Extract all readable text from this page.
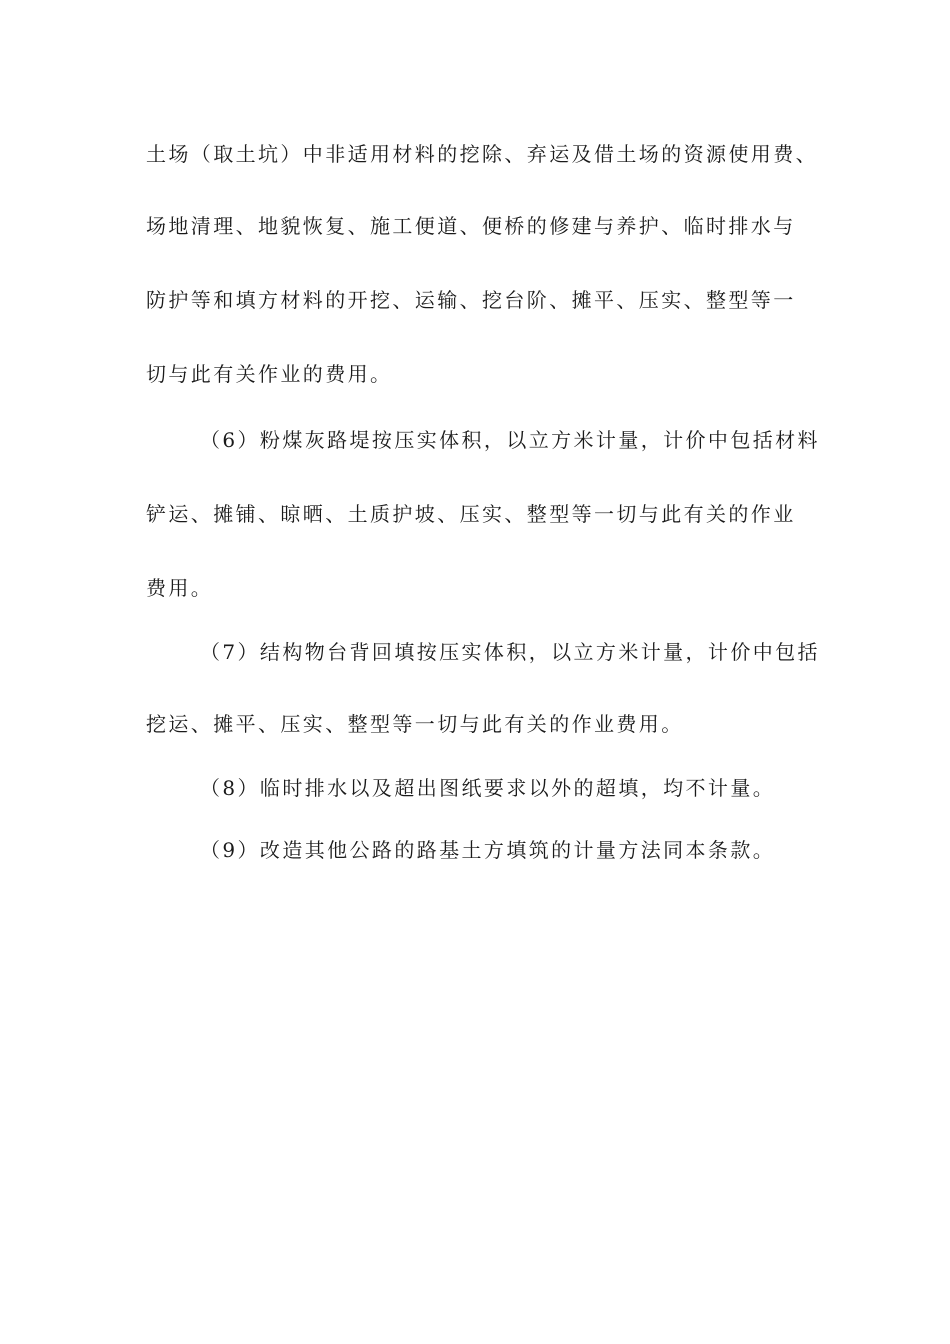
土场（取土坑）中非适用材料的挖除、弃运及借土场的资源使用费、
场地清理、地貌恢复、施工便道、便桥的修建与养护、临时排水与
防护等和填方材料的开挖、运输、挖台阶、摊平、压实、整型等一
切与此有关作业的费用。
（6）粉煤灰路堤按压实体积，以立方米计量，计价中包括材料
铲运、摊铺、晾晒、土质护坡、压实、整型等一切与此有关的作业
费用。
（7）结构物台背回填按压实体积，以立方米计量，计价中包括
挖运、摊平、压实、整型等一切与此有关的作业费用。
（8）临时排水以及超出图纸要求以外的超填，均不计量。
（9）改造其他公路的路基土方填筑的计量方法同本条款。
